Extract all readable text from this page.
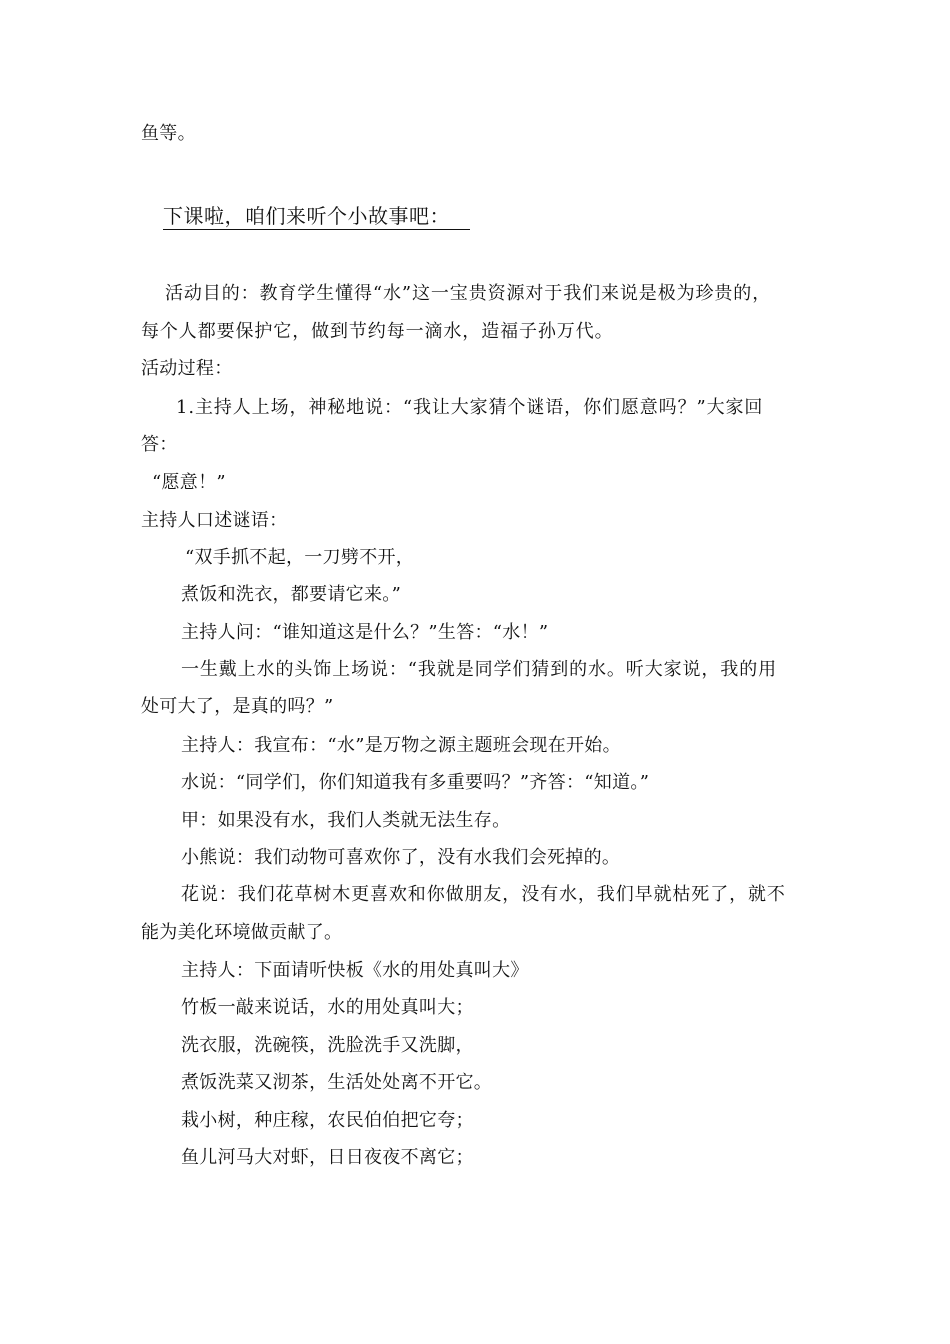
鱼等。
下课啦，咱们来听个小故事吧：
活动目的：教育学生懂得“水”这一宝贵资源对于我们来说是极为珍贵的，
每个人都要保护它，做到节约每一滴水，造福子孙万代。
活动过程：
1.主持人上场，神秘地说：“我让大家猜个谜语，你们愿意吗？”大家回
答：
“愿意！”
主持人口述谜语：
“双手抓不起，一刀劈不开，
煮饭和洗衣，都要请它来。”
主持人问：“谁知道这是什么？”生答：“水！”
一生戴上水的头饰上场说：“我就是同学们猜到的水。听大家说，我的用
处可大了，是真的吗？”
主持人：我宣布：“水”是万物之源主题班会现在开始。
水说：“同学们，你们知道我有多重要吗？”齐答：“知道。”
甲：如果没有水，我们人类就无法生存。
小熊说：我们动物可喜欢你了，没有水我们会死掉的。
花说：我们花草树木更喜欢和你做朋友，没有水，我们早就枯死了，就不
能为美化环境做贡献了。
主持人：下面请听快板《水的用处真叫大》
竹板一敲来说话，水的用处真叫大；
洗衣服，洗碗筷，洗脸洗手又洗脚，
煮饭洗菜又沏茶，生活处处离不开它。
栽小树，种庄稼，农民伯伯把它夸；
鱼儿河马大对虾，日日夜夜不离它；
